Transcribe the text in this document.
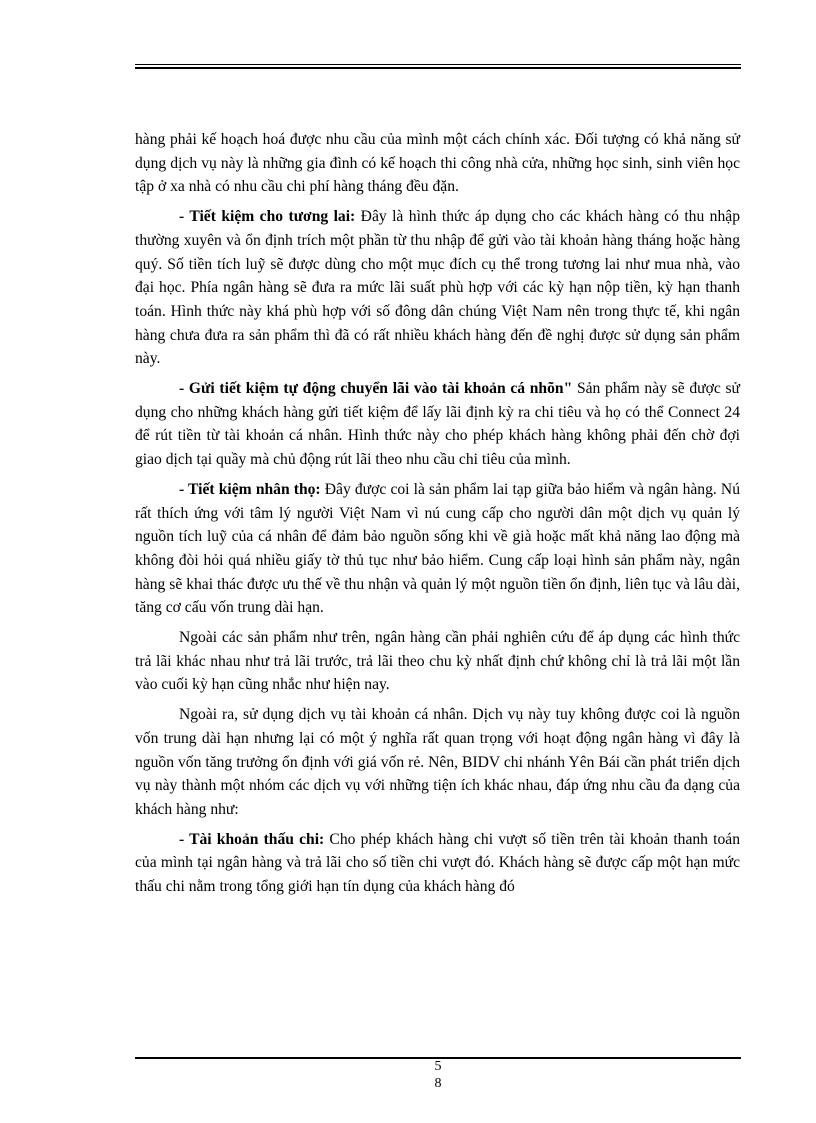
hàng phải kế hoạch hoá được nhu cầu của mình một cách chính xác. Đối tượng có khả năng sử dụng dịch vụ này là những gia đình có kế hoạch thi công nhà cửa, những học sinh, sinh viên học tập ở xa nhà có nhu cầu chi phí hàng tháng đều đặn.

- Tiết kiệm cho tương lai: Đây là hình thức áp dụng cho các khách hàng có thu nhập thường xuyên và ổn định trích một phần từ thu nhập để gửi vào tài khoản hàng tháng hoặc hàng quý. Số tiền tích luỹ sẽ được dùng cho một mục đích cụ thể trong tương lai như mua nhà, vào đại học. Phía ngân hàng sẽ đưa ra mức lãi suất phù hợp với các kỳ hạn nộp tiền, kỳ hạn thanh toán. Hình thức này khá phù hợp với số đông dân chúng Việt Nam nên trong thực tế, khi ngân hàng chưa đưa ra sản phẩm thì đã có rất nhiều khách hàng đến đề nghị được sử dụng sản phẩm này.

- Gửi tiết kiệm tự động chuyển lãi vào tài khoản cá nhõn" Sản phẩm này sẽ được sử dụng cho những khách hàng gửi tiết kiệm để lấy lãi định kỳ ra chi tiêu và họ có thể Connect 24 để rút tiền từ tài khoản cá nhân. Hình thức này cho phép khách hàng không phải đến chờ đợi giao dịch tại quầy mà chủ động rút lãi theo nhu cầu chi tiêu của mình.

- Tiết kiệm nhân thọ: Đây được coi là sản phẩm lai tạp giữa bảo hiểm và ngân hàng. Nú rất thích ứng với tâm lý người Việt Nam vì nú cung cấp cho người dân một dịch vụ quản lý nguồn tích luỹ của cá nhân để đảm bảo nguồn sống khi về già hoặc mất khả năng lao động mà không đòi hỏi quá nhiều giấy tờ thủ tục như bảo hiểm. Cung cấp loại hình sản phẩm này, ngân hàng sẽ khai thác được ưu thế về thu nhận và quản lý một nguồn tiền ổn định, liên tục và lâu dài, tăng cơ cấu vốn trung dài hạn.

Ngoài các sản phẩm như trên, ngân hàng cần phải nghiên cứu để áp dụng các hình thức trả lãi khác nhau như trả lãi trước, trả lãi theo chu kỳ nhất định chứ không chỉ là trả lãi một lần vào cuối kỳ hạn cũng nhắc như hiện nay.

Ngoài ra, sử dụng dịch vụ tài khoản cá nhân. Dịch vụ này tuy không được coi là nguồn vốn trung dài hạn nhưng lại có một ý nghĩa rất quan trọng với hoạt động ngân hàng vì đây là nguồn vốn tăng trưởng ổn định với giá vốn rẻ. Nên, BIDV chi nhánh Yên Bái cần phát triển dịch vụ này thành một nhóm các dịch vụ với những tiện ích khác nhau, đáp ứng nhu cầu đa dạng của khách hàng như:

- Tài khoản thấu chi: Cho phép khách hàng chi vượt số tiền trên tài khoản thanh toán của mình tại ngân hàng và trả lãi cho số tiền chi vượt đó. Khách hàng sẽ được cấp một hạn mức thấu chi nằm trong tổng giới hạn tín dụng của khách hàng đó

5
8
